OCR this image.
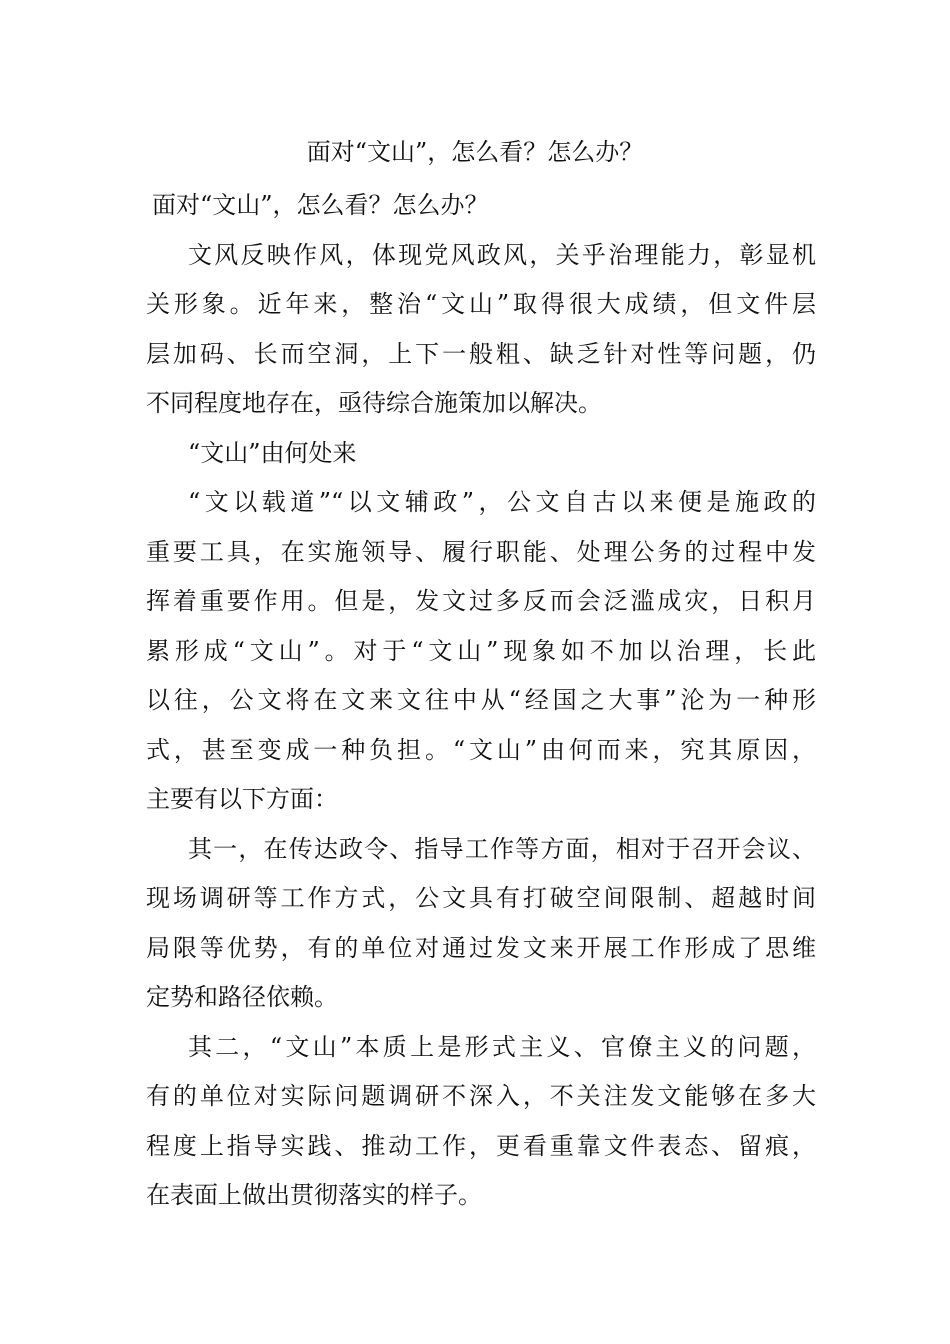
面对“文山”，怎么看？怎么办？
面对“文山”，怎么看？怎么办？
文风反映作风，体现党风政风，关乎治理能力，彰显机
关形象。近年来，整治“文山”取得很大成绩，但文件层
层加码、长而空洞，上下一般粗、缺乏针对性等问题，仍
不同程度地存在，亟待综合施策加以解决。
“文山”由何处来
“文以载道”“以文辅政”，公文自古以来便是施政的
重要工具，在实施领导、履行职能、处理公务的过程中发
挥着重要作用。但是，发文过多反而会泛滥成灾，日积月
累形成“文山”。对于“文山”现象如不加以治理，长此
以往，公文将在文来文往中从“经国之大事”沦为一种形
式，甚至变成一种负担。“文山”由何而来，究其原因，
主要有以下方面：
其一，在传达政令、指导工作等方面，相对于召开会议、
现场调研等工作方式，公文具有打破空间限制、超越时间
局限等优势，有的单位对通过发文来开展工作形成了思维
定势和路径依赖。
其二，“文山”本质上是形式主义、官僚主义的问题，
有的单位对实际问题调研不深入，不关注发文能够在多大
程度上指导实践、推动工作，更看重靠文件表态、留痕，
在表面上做出贯彻落实的样子。
